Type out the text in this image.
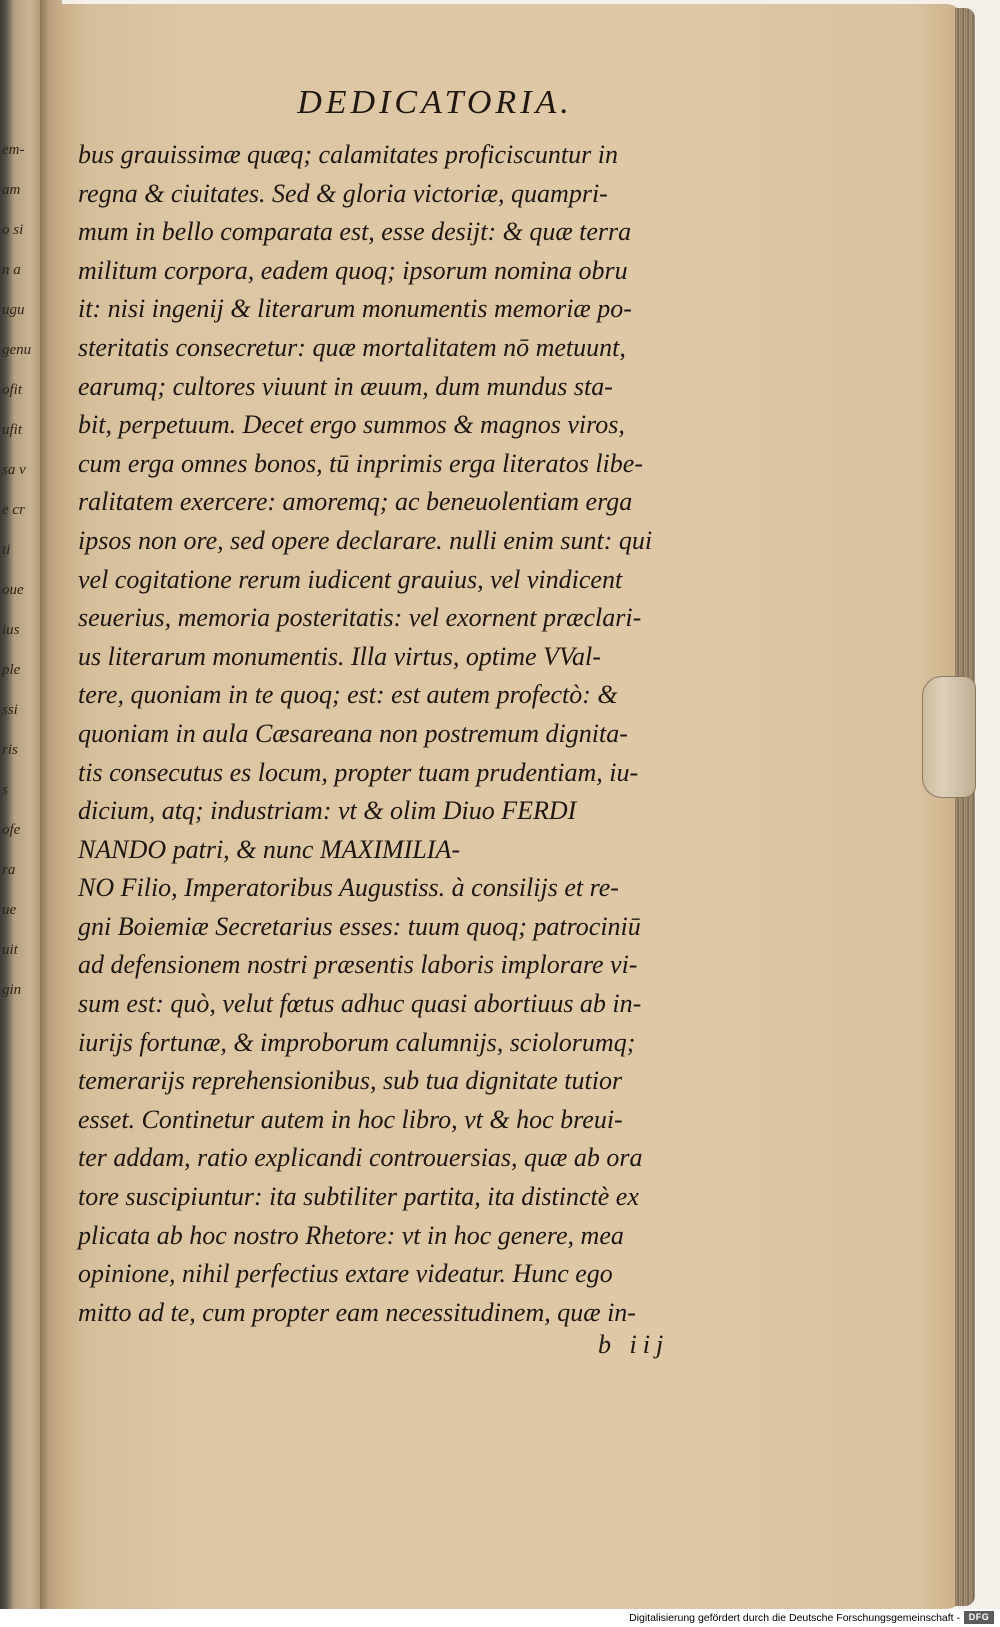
em-
am
o si
n a
ugu
genu
ofit
ufit
sa v
e cr
ti
oue
ius
ple
ssi
ris
s
ofe
ra
ue
uit
gin
DEDICATORIA.
bus grauissimæ quæq; calamitates proficiscuntur in
regna & ciuitates. Sed & gloria victoriæ, quampri-
mum in bello comparata est, esse desijt: & quæ terra
militum corpora, eadem quoq; ipsorum nomina obru
it: nisi ingenij & literarum monumentis memoriæ po-
steritatis consecretur: quæ mortalitatem nō metuunt,
earumq; cultores viuunt in æuum, dum mundus sta-
bit, perpetuum. Decet ergo summos & magnos viros,
cum erga omnes bonos, tū inprimis erga literatos libe-
ralitatem exercere: amoremq; ac beneuolentiam erga
ipsos non ore, sed opere declarare. nulli enim sunt: qui
vel cogitatione rerum iudicent grauius, vel vindicent
seuerius, memoria posteritatis: vel exornent præclari-
us literarum monumentis. Illa virtus, optime VVal-
tere, quoniam in te quoq; est: est autem profectò: &
quoniam in aula Cæsareana non postremum dignita-
tis consecutus es locum, propter tuam prudentiam, iu-
dicium, atq; industriam: vt & olim Diuo FERDI
NANDO patri, & nunc MAXIMILIA-
NO Filio, Imperatoribus Augustiss. à consilijs et re-
gni Boiemiæ Secretarius esses: tuum quoq; patrociniū
ad defensionem nostri præsentis laboris implorare vi-
sum est: quò, velut fœtus adhuc quasi abortiuus ab in-
iurijs fortunæ, & improborum calumnijs, sciolorumq;
temerarijs reprehensionibus, sub tua dignitate tutior
esset. Continetur autem in hoc libro, vt & hoc breui-
ter addam, ratio explicandi controuersias, quæ ab ora
tore suscipiuntur: ita subtiliter partita, ita distinctè ex
plicata ab hoc nostro Rhetore: vt in hoc genere, mea
opinione, nihil perfectius extare videatur. Hunc ego
mitto ad te, cum propter eam necessitudinem, quæ in-
b iij
Digitalisierung gefördert durch die Deutsche Forschungsgemeinschaft - DFG
